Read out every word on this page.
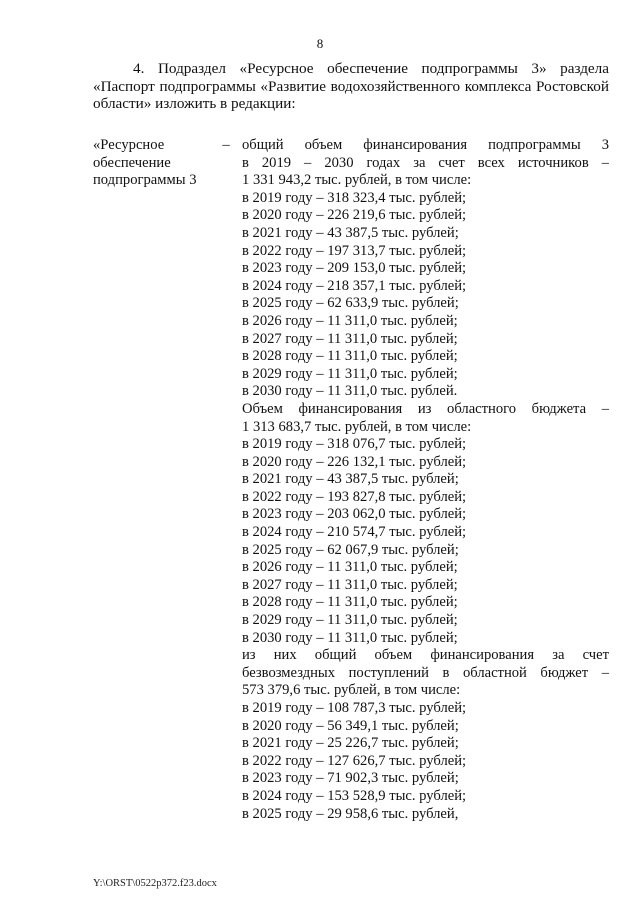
8

4. Подраздел «Ресурсное обеспечение подпрограммы 3» раздела

«Паспорт подпрограммы «Развитие водохозяйственного комплекса Ростовской
области» изложить в редакции:
«Ресурсное
обеспечение
подпрограммы 3
– общий объем финансирования подпрограммы 3
в 2019 – 2030 годах за счет всех источников –
1 331 943,2 тыс. рублей, в том числе:
в 2019 году – 318 323,4 тыс. рублей;
в 2020 году – 226 219,6 тыс. рублей;
в 2021 году – 43 387,5 тыс. рублей;
в 2022 году – 197 313,7 тыс. рублей;
в 2023 году – 209 153,0 тыс. рублей;
в 2024 году – 218 357,1 тыс. рублей;
в 2025 году – 62 633,9 тыс. рублей;
в 2026 году – 11 311,0 тыс. рублей;
в 2027 году – 11 311,0 тыс. рублей;
в 2028 году – 11 311,0 тыс. рублей;
в 2029 году – 11 311,0 тыс. рублей;
в 2030 году – 11 311,0 тыс. рублей.
Объем финансирования из областного бюджета –
1 313 683,7 тыс. рублей, в том числе:
в 2019 году – 318 076,7 тыс. рублей;
в 2020 году – 226 132,1 тыс. рублей;
в 2021 году – 43 387,5 тыс. рублей;
в 2022 году – 193 827,8 тыс. рублей;
в 2023 году – 203 062,0 тыс. рублей;
в 2024 году – 210 574,7 тыс. рублей;
в 2025 году – 62 067,9 тыс. рублей;
в 2026 году – 11 311,0 тыс. рублей;
в 2027 году – 11 311,0 тыс. рублей;
в 2028 году – 11 311,0 тыс. рублей;
в 2029 году – 11 311,0 тыс. рублей;
в 2030 году – 11 311,0 тыс. рублей;
из них общий объем финансирования за счет
безвозмездных поступлений в областной бюджет –
573 379,6 тыс. рублей, в том числе:
в 2019 году – 108 787,3 тыс. рублей;
в 2020 году – 56 349,1 тыс. рублей;
в 2021 году – 25 226,7 тыс. рублей;
в 2022 году – 127 626,7 тыс. рублей;
в 2023 году – 71 902,3 тыс. рублей;
в 2024 году – 153 528,9 тыс. рублей;
в 2025 году – 29 958,6 тыс. рублей,
Y:\ORST\0522p372.f23.docx
